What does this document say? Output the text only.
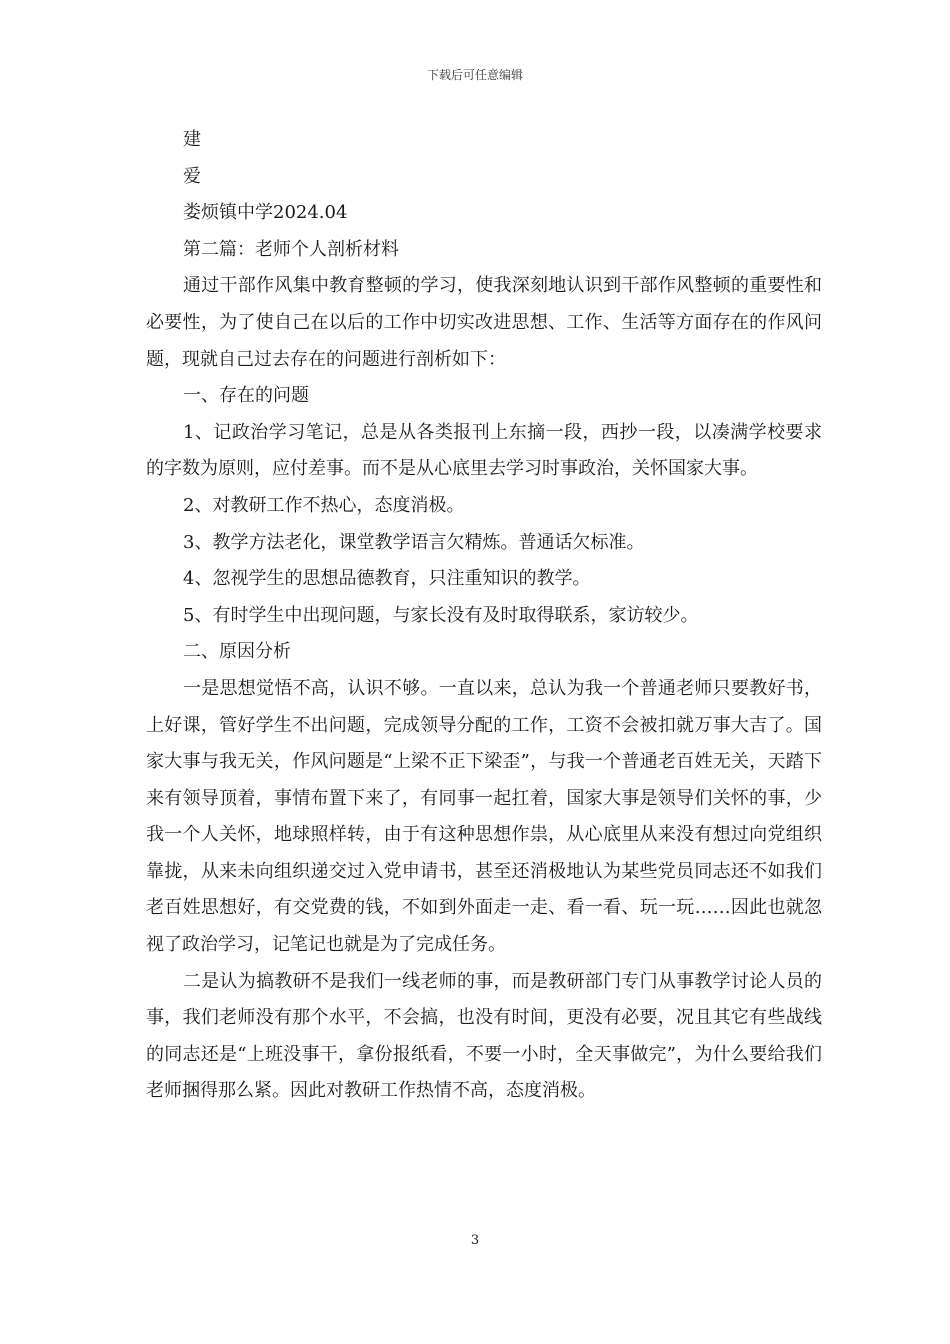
下载后可任意编辑

建

爱

娄烦镇中学2024.04

第二篇：老师个人剖析材料

通过干部作风集中教育整顿的学习，使我深刻地认识到干部作风整顿的重要性和必要性，为了使自己在以后的工作中切实改进思想、工作、生活等方面存在的作风问题，现就自己过去存在的问题进行剖析如下：

一、存在的问题

1、记政治学习笔记，总是从各类报刊上东摘一段，西抄一段，以凑满学校要求的字数为原则，应付差事。而不是从心底里去学习时事政治，关怀国家大事。

2、对教研工作不热心，态度消极。

3、教学方法老化，课堂教学语言欠精炼。普通话欠标准。

4、忽视学生的思想品德教育，只注重知识的教学。

5、有时学生中出现问题，与家长没有及时取得联系，家访较少。

二、原因分析

一是思想觉悟不高，认识不够。一直以来，总认为我一个普通老师只要教好书，上好课，管好学生不出问题，完成领导分配的工作，工资不会被扣就万事大吉了。国家大事与我无关，作风问题是“上梁不正下梁歪”，与我一个普通老百姓无关，天踏下来有领导顶着，事情布置下来了，有同事一起扛着，国家大事是领导们关怀的事，少我一个人关怀，地球照样转，由于有这种思想作祟，从心底里从来没有想过向党组织靠拢，从来未向组织递交过入党申请书，甚至还消极地认为某些党员同志还不如我们老百姓思想好，有交党费的钱，不如到外面走一走、看一看、玩一玩……因此也就忽视了政治学习，记笔记也就是为了完成任务。

二是认为搞教研不是我们一线老师的事，而是教研部门专门从事教学讨论人员的事，我们老师没有那个水平，不会搞，也没有时间，更没有必要，况且其它有些战线的同志还是“上班没事干，拿份报纸看，不要一小时，全天事做完”，为什么要给我们老师捆得那么紧。因此对教研工作热情不高，态度消极。

3
